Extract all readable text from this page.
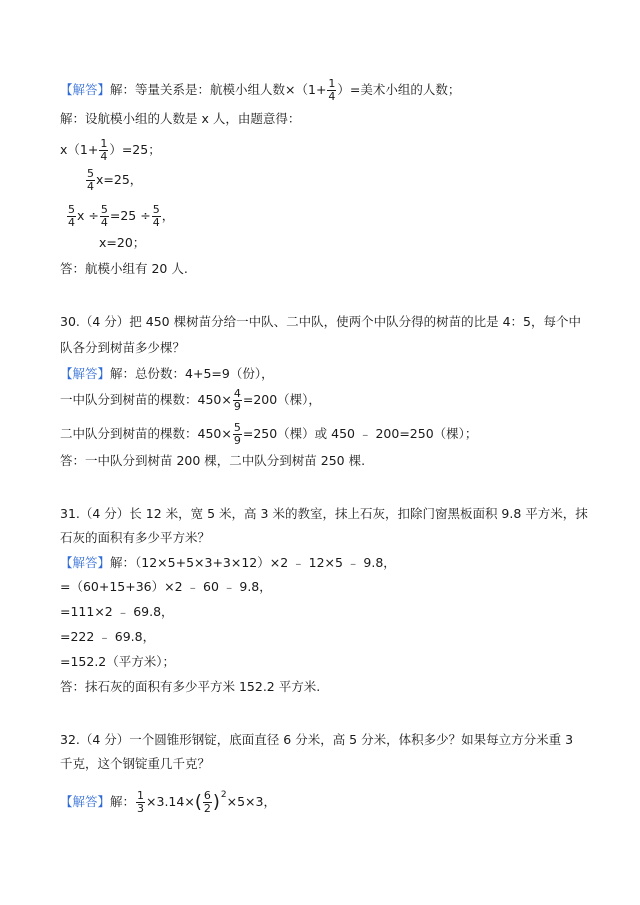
【解答】解：等量关系是：航模小组人数$\times(1+ \frac{1}{4}$ ）=美术小组的人数；
解：设航模小组的人数是 x 人，由题意得：
$x(1+ \frac{1}{4} )=25$；
$\frac{5}{4} x=25$，
$\frac{5}{4}$ $x \div \frac{5}{4} =25 \div \frac{5}{4}$ ，
x=20；
答：航模小组有 20 人.
30.（4 分）把 450 棵树苗分给一中队、二中队，使两个中队分得的树苗的比是 4：5，每个中
队各分到树苗多少棵？
【解答】解：总份数：4+5=9（份），
一中队分到树苗的棵数：$450\times \frac{4}{9} =200$（棵），
二中队分到树苗的棵数：$450\times \frac{5}{9} =250$（棵）或 450 ﹣ 200=250（棵）；
答：一中队分到树苗 200 棵，二中队分到树苗 250 棵.
31.（4 分）长 12 米，宽 5 米，高 3 米的教室，抹上石灰，扣除门窗黑板面积 9.8 平方米，抹
石灰的面积有多少平方米？
【解答】解：（12×5+5×3+3×12）×2 ﹣ 12×5 ﹣ 9.8，
=（60+15+36）×2 ﹣ 60 ﹣ 9.8，
=111×2 ﹣ 69.8，
=222 ﹣ 69.8，
=152.2（平方米）；
答：抹石灰的面积有多少平方米 152.2 平方米.
32.（4 分）一个圆锥形钢锭，底面直径 6 分米，高 5 分米，体积多少？如果每立方分米重 3
千克，这个钢锭重几千克？
【解答】解： $\frac{1}{3} \times 3.14\times( \frac{6}{2} )^2\times 5\times 3$，
